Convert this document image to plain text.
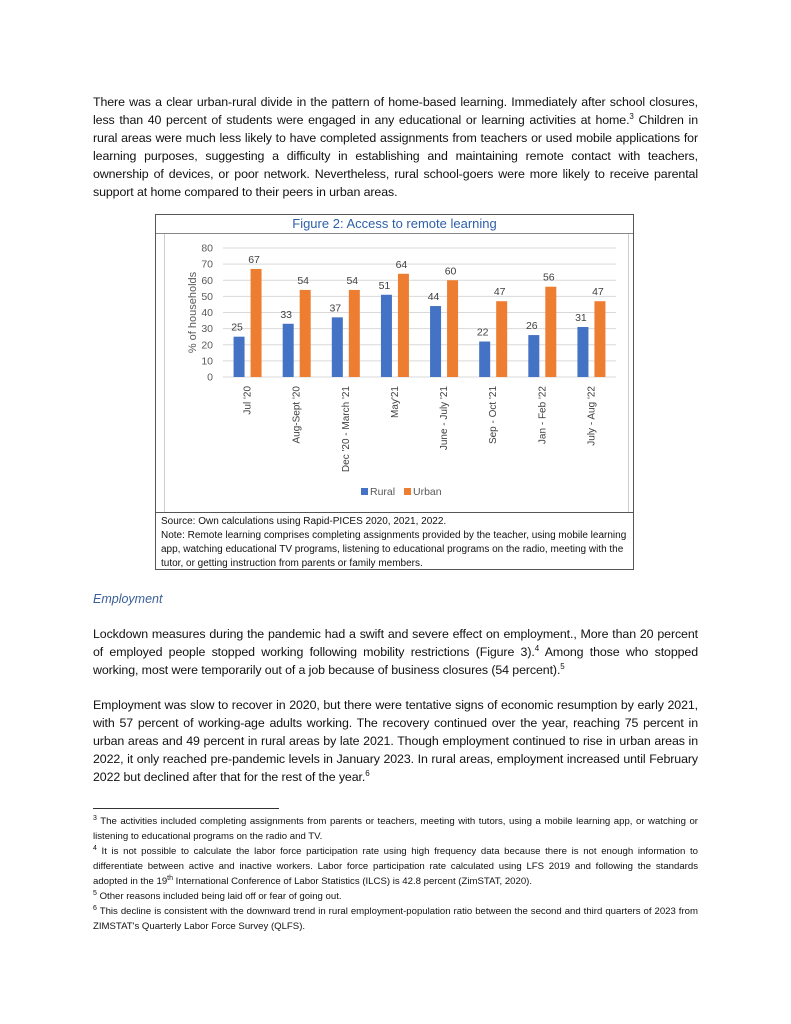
There was a clear urban-rural divide in the pattern of home-based learning. Immediately after school closures, less than 40 percent of students were engaged in any educational or learning activities at home.$^3$ Children in rural areas were much less likely to have completed assignments from teachers or used mobile applications for learning purposes, suggesting a difficulty in establishing and maintaining remote contact with teachers, ownership of devices, or poor network. Nevertheless, rural school-goers were more likely to receive parental support at home compared to their peers in urban areas.

Figure 2: Access to remote learning
0
10
20
30
40
50
60
70
80
% of households	25
67
Jul '20
33
54
Aug-Sept '20
37
54
Dec '20 - March '21
51
64
May'21
44
60
June - July '21
22
47
Sep - Oct '21
26
56
Jan - Feb '22
31
47
July - Aug '22
Rural Urban
Source: Own calculations using Rapid-PICES 2020, 2021, 2022.
Note: Remote learning comprises completing assignments provided by the teacher, using mobile learning app, watching educational TV programs, listening to educational programs on the radio, meeting with the tutor, or getting instruction from parents or family members.
Employment

Lockdown measures during the pandemic had a swift and severe effect on employment., More than 20 percent of employed people stopped working following mobility restrictions (Figure 3).$^4$ Among those who stopped working, most were temporarily out of a job because of business closures (54 percent).$^5$

Employment was slow to recover in 2020, but there were tentative signs of economic resumption by early 2021, with 57 percent of working-age adults working. The recovery continued over the year, reaching 75 percent in urban areas and 49 percent in rural areas by late 2021. Though employment continued to rise in urban areas in 2022, it only reached pre-pandemic levels in January 2023. In rural areas, employment increased until February 2022 but declined after that for the rest of the year.$^6$

$^3$ The activities included completing assignments from parents or teachers, meeting with tutors, using a mobile learning app, or watching or listening to educational programs on the radio and TV.
$^4$ It is not possible to calculate the labor force participation rate using high frequency data because there is not enough information to differentiate between active and inactive workers. Labor force participation rate calculated using LFS 2019 and following the standards adopted in the 19th International Conference of Labor Statistics (ILCS) is 42.8 percent (ZimSTAT, 2020).
$^5$ Other reasons included being laid off or fear of going out.
$^6$ This decline is consistent with the downward trend in rural employment-population ratio between the second and third quarters of 2023 from ZIMSTAT's Quarterly Labor Force Survey (QLFS).
